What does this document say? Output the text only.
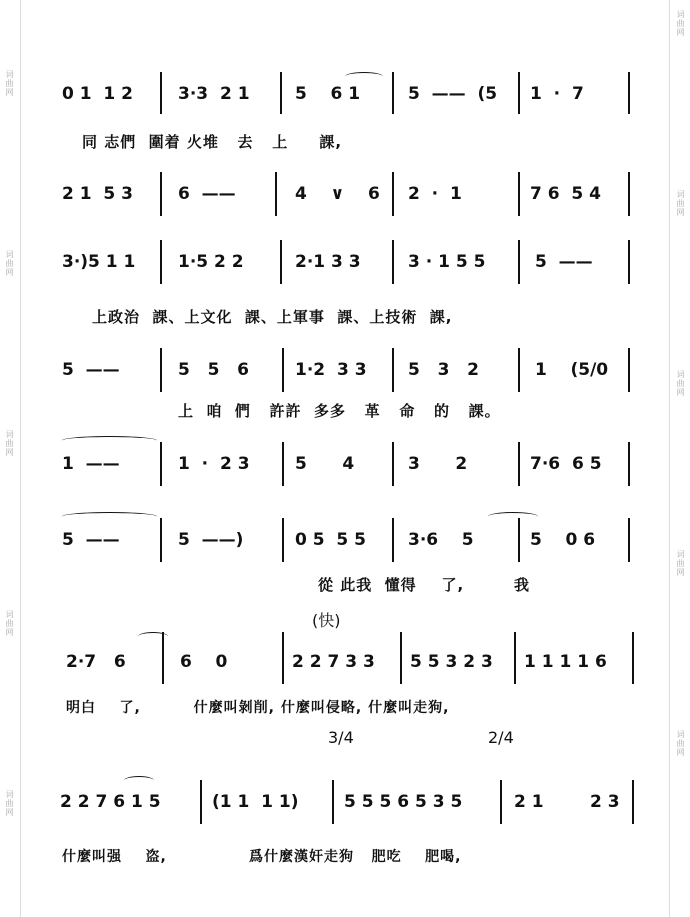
词曲网
词曲网
词曲网
词曲网
词曲网
词曲网
词曲网
词曲网
词曲网
词曲网
0 1  1 2	3·3  2 1	5    6 1	5  ——  (5 1  ·  7
同 志們  圍着 火堆   去   上     課,
2 1  5 3	6  ——	4    ∨    6 2  ·  1	7 6  5 4
3·)5 1 1	1·5 2 2	2·1 3 3	3 · 1 5 5	5  ——
上政治  課、上文化  課、上軍事  課、上技術  課,
5  ——	5   5   6	1·2  3 3 5   3   2	1    (5/0
上  咱  們   許許  多多   革   命   的   課。
1  ——	1  ·  2 3	5      4	3      2	7·6  6 5
5  ——	5  ——)	0 5  5 5 3·6    5	5    0 6
從 此我  懂得    了,        我
(快)
2·7   6	6    0	2 2 7 3 3 5 5 3 2 3 1 1 1 1 6
明白    了,         什麼叫剝削, 什麼叫侵略, 什麼叫走狗,
3/4	2/4
2 2 7 6 1 5	(1 1  1 1)	5 5 5 6 5 3 5	2 1	2 3
什麼叫强    盗,              爲什麼漢奸走狗   肥吃    肥喝,
